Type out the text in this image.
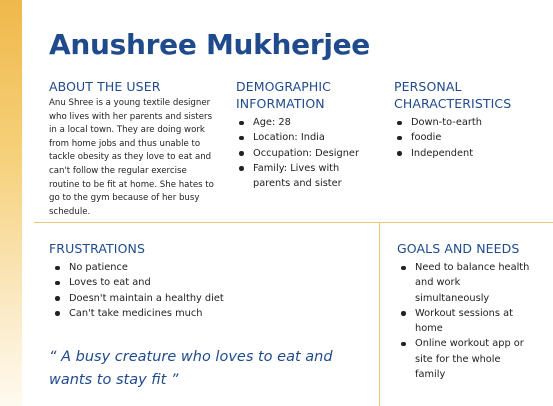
Anushree Mukherjee
ABOUT THE USER
Anu Shree is a young textile designer who lives with her parents and sisters in a local town. They are doing work from home jobs and thus unable to tackle obesity as they love to eat and can't follow the regular exercise routine to be fit at home. She hates to go to the gym because of her busy schedule.
DEMOGRAPHIC INFORMATION
Age: 28
Location: India
Occupation: Designer
Family: Lives with parents and sister
PERSONAL CHARACTERISTICS
Down-to-earth
foodie
Independent
FRUSTRATIONS
No patience
Loves to eat and
Doesn't maintain a healthy diet
Can't take medicines much
“ A busy creature who loves to eat and wants to stay fit ”
GOALS AND NEEDS
Need to balance health and work simultaneously
Workout sessions at home
Online workout app or site for the whole family
